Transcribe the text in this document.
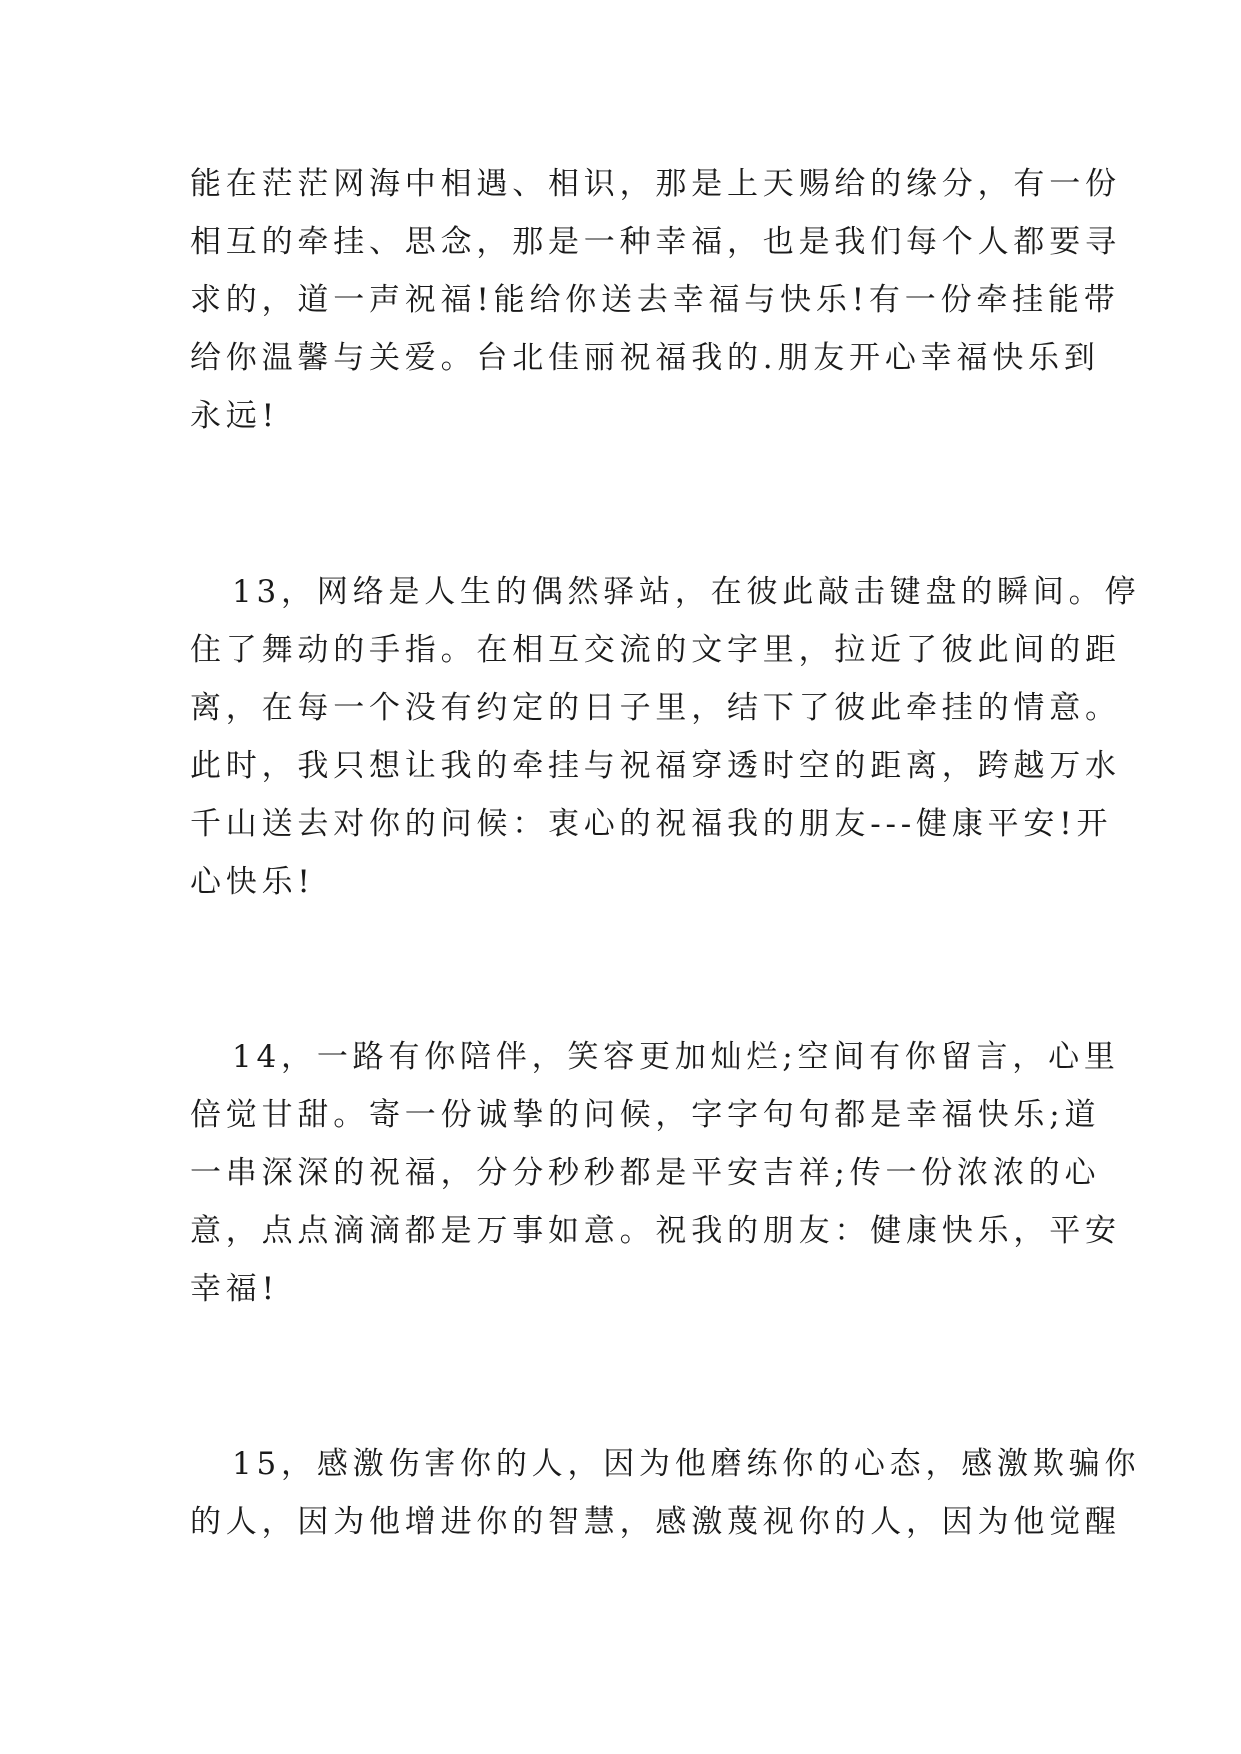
能在茫茫网海中相遇、相识，那是上天赐给的缘分，有一份
相互的牵挂、思念，那是一种幸福，也是我们每个人都要寻
求的，道一声祝福!能给你送去幸福与快乐!有一份牵挂能带
给你温馨与关爱。台北佳丽祝福我的.朋友开心幸福快乐到
永远!
13，网络是人生的偶然驿站，在彼此敲击键盘的瞬间。停
住了舞动的手指。在相互交流的文字里，拉近了彼此间的距
离，在每一个没有约定的日子里，结下了彼此牵挂的情意。
此时，我只想让我的牵挂与祝福穿透时空的距离，跨越万水
千山送去对你的问候：衷心的祝福我的朋友---健康平安!开
心快乐!
14，一路有你陪伴，笑容更加灿烂;空间有你留言，心里
倍觉甘甜。寄一份诚挚的问候，字字句句都是幸福快乐;道
一串深深的祝福，分分秒秒都是平安吉祥;传一份浓浓的心
意，点点滴滴都是万事如意。祝我的朋友：健康快乐，平安
幸福!
15，感激伤害你的人，因为他磨练你的心态，感激欺骗你
的人，因为他增进你的智慧，感激蔑视你的人，因为他觉醒
